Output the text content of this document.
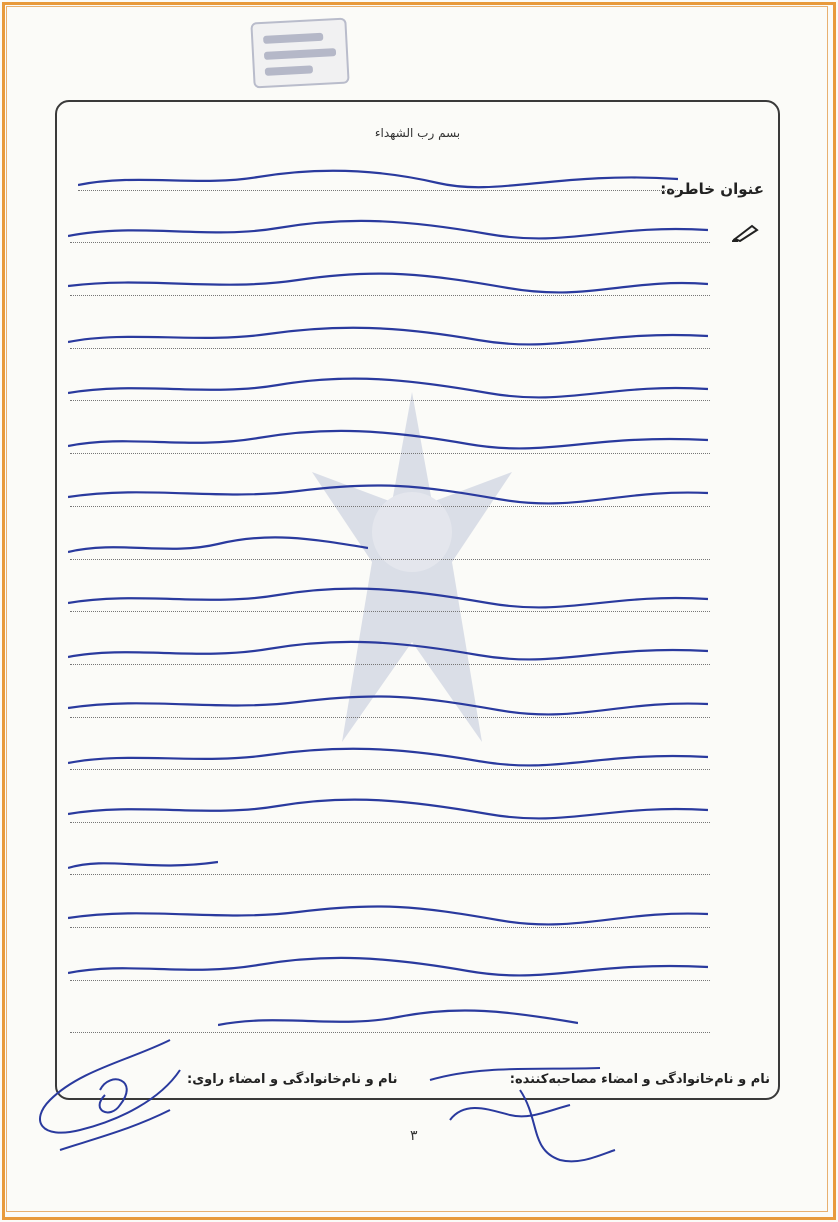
بسم رب الشهداء
عنوان خاطره:
نام و نام‌خانوادگی و امضاء مصاحبه‌کننده:
نام و نام‌خانوادگی و امضاء راوی:
۳
